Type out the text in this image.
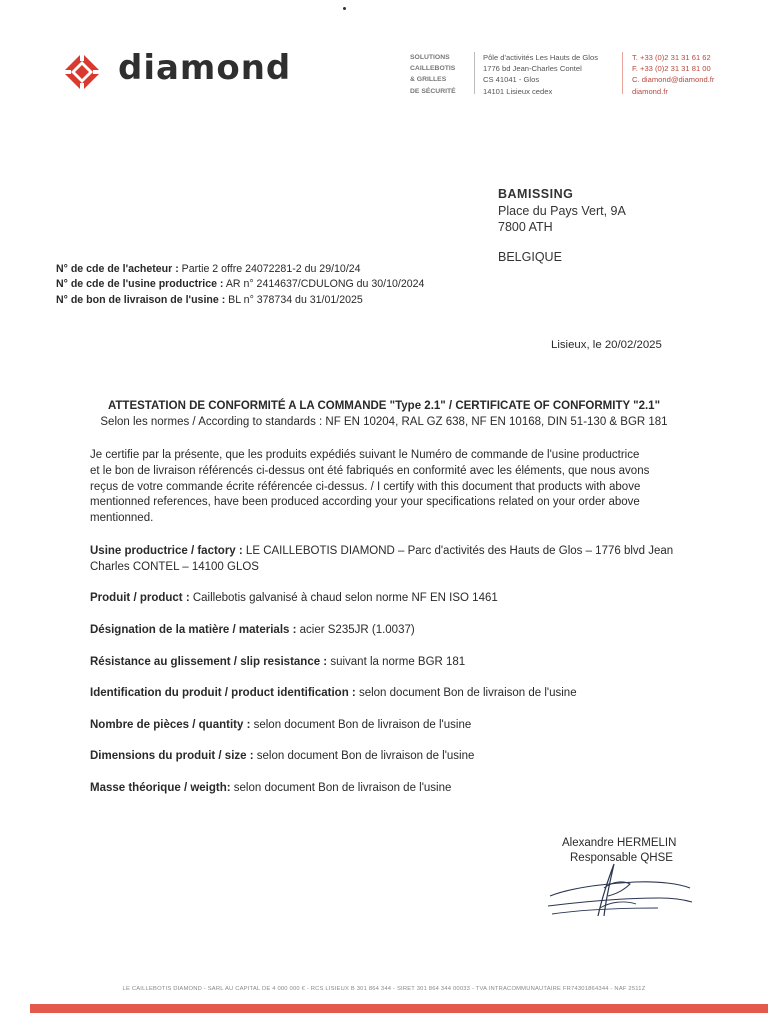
diamond	SOLUTIONS
CAILLEBOTIS
& GRILLES
DE SÉCURITÉ
Pôle d'activités Les Hauts de Glos
1776 bd Jean-Charles Contel
CS 41041 - Glos
14101 Lisieux cedex
T. +33 (0)2 31 31 61 62
F. +33 (0)2 31 31 81 00
C. diamond@diamond.fr
diamond.fr
BAMISSING
Place du Pays Vert, 9A
7800 ATH
BELGIQUE
N° de cde de l'acheteur : Partie 2 offre 24072281-2 du 29/10/24
N° de cde de l'usine productrice : AR n° 2414637/CDULONG du 30/10/2024
N° de bon de livraison de l'usine : BL n° 378734 du 31/01/2025
Lisieux, le 20/02/2025
ATTESTATION DE CONFORMITÉ A LA COMMANDE "Type 2.1" / CERTIFICATE OF CONFORMITY "2.1"
Selon les normes / According to standards : NF EN 10204, RAL GZ 638, NF EN 10168, DIN 51-130 & BGR 181
Je certifie par la présente, que les produits expédiés suivant le Numéro de commande de l'usine productrice
et le bon de livraison référencés ci-dessus ont été fabriqués en conformité avec les éléments, que nous avons
reçus de votre commande écrite référencée ci-dessus. / I certify with this document that products with above
mentionned references, have been produced according your your specifications related on your order above
mentionned.
Usine productrice / factory : LE CAILLEBOTIS DIAMOND – Parc d'activités des Hauts de Glos – 1776 blvd Jean
Charles CONTEL – 14100 GLOS
Produit / product : Caillebotis galvanisé à chaud selon norme NF EN ISO 1461
Désignation de la matière / materials : acier S235JR (1.0037)
Résistance au glissement / slip resistance : suivant la norme BGR 181
Identification du produit / product identification : selon document Bon de livraison de l'usine
Nombre de pièces / quantity : selon document Bon de livraison de l'usine
Dimensions du produit / size : selon document Bon de livraison de l'usine
Masse théorique / weigth: selon document Bon de livraison de l'usine
Alexandre HERMELIN
Responsable QHSE
LE CAILLEBOTIS DIAMOND - SARL AU CAPITAL DE 4 000 000 € - RCS LISIEUX B 301 864 344 - SIRET 301 864 344 00033 - TVA INTRACOMMUNAUTAIRE FR74301864344 - NAF 2511Z
